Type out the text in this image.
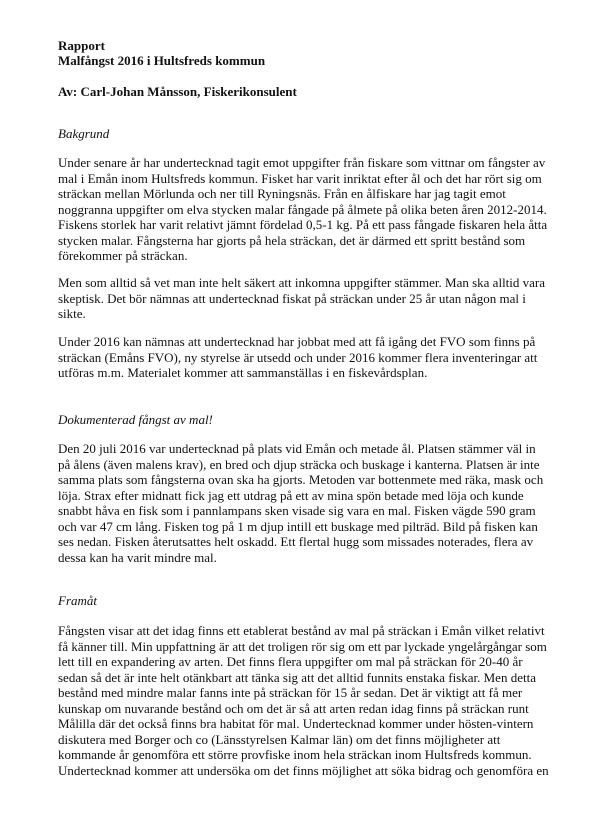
Rapport
Malfångst 2016 i Hultsfreds kommun
Av: Carl-Johan Månsson, Fiskerikonsulent
Bakgrund
Under senare år har undertecknad tagit emot uppgifter från fiskare som vittnar om fångster av
mal i Emån inom Hultsfreds kommun. Fisket har varit inriktat efter ål och det har rört sig om
sträckan mellan Mörlunda och ner till Ryningsnäs. Från en ålfiskare har jag tagit emot
noggranna uppgifter om elva stycken malar fångade på ålmete på olika beten åren 2012-2014.
Fiskens storlek har varit relativt jämnt fördelad 0,5-1 kg. På ett pass fångade fiskaren hela åtta
stycken malar. Fångsterna har gjorts på hela sträckan, det är därmed ett spritt bestånd som
förekommer på sträckan.
Men som alltid så vet man inte helt säkert att inkomna uppgifter stämmer. Man ska alltid vara
skeptisk. Det bör nämnas att undertecknad fiskat på sträckan under 25 år utan någon mal i
sikte.
Under 2016 kan nämnas att undertecknad har jobbat med att få igång det FVO som finns på
sträckan (Emåns FVO), ny styrelse är utsedd och under 2016 kommer flera inventeringar att
utföras m.m. Materialet kommer att sammanställas i en fiskevårdsplan.
Dokumenterad fångst av mal!
Den 20 juli 2016 var undertecknad på plats vid Emån och metade ål. Platsen stämmer väl in
på ålens (även malens krav), en bred och djup sträcka och buskage i kanterna. Platsen är inte
samma plats som fångsterna ovan ska ha gjorts. Metoden var bottenmete med räka, mask och
löja. Strax efter midnatt fick jag ett utdrag på ett av mina spön betade med löja och kunde
snabbt håva en fisk som i pannlampans sken visade sig vara en mal. Fisken vägde 590 gram
och var 47 cm lång. Fisken tog på 1 m djup intill ett buskage med pilträd. Bild på fisken kan
ses nedan. Fisken återutsattes helt oskadd. Ett flertal hugg som missades noterades, flera av
dessa kan ha varit mindre mal.
Framåt
Fångsten visar att det idag finns ett etablerat bestånd av mal på sträckan i Emån vilket relativt
få känner till. Min uppfattning är att det troligen rör sig om ett par lyckade yngelårgångar som
lett till en expandering av arten. Det finns flera uppgifter om mal på sträckan för 20-40 år
sedan så det är inte helt otänkbart att tänka sig att det alltid funnits enstaka fiskar. Men detta
bestånd med mindre malar fanns inte på sträckan för 15 år sedan. Det är viktigt att få mer
kunskap om nuvarande bestånd och om det är så att arten redan idag finns på sträckan runt
Målilla där det också finns bra habitat för mal. Undertecknad kommer under hösten-vintern
diskutera med Borger och co (Länsstyrelsen Kalmar län) om det finns möjligheter att
kommande år genomföra ett större provfiske inom hela sträckan inom Hultsfreds kommun.
Undertecknad kommer att undersöka om det finns möjlighet att söka bidrag och genomföra en
